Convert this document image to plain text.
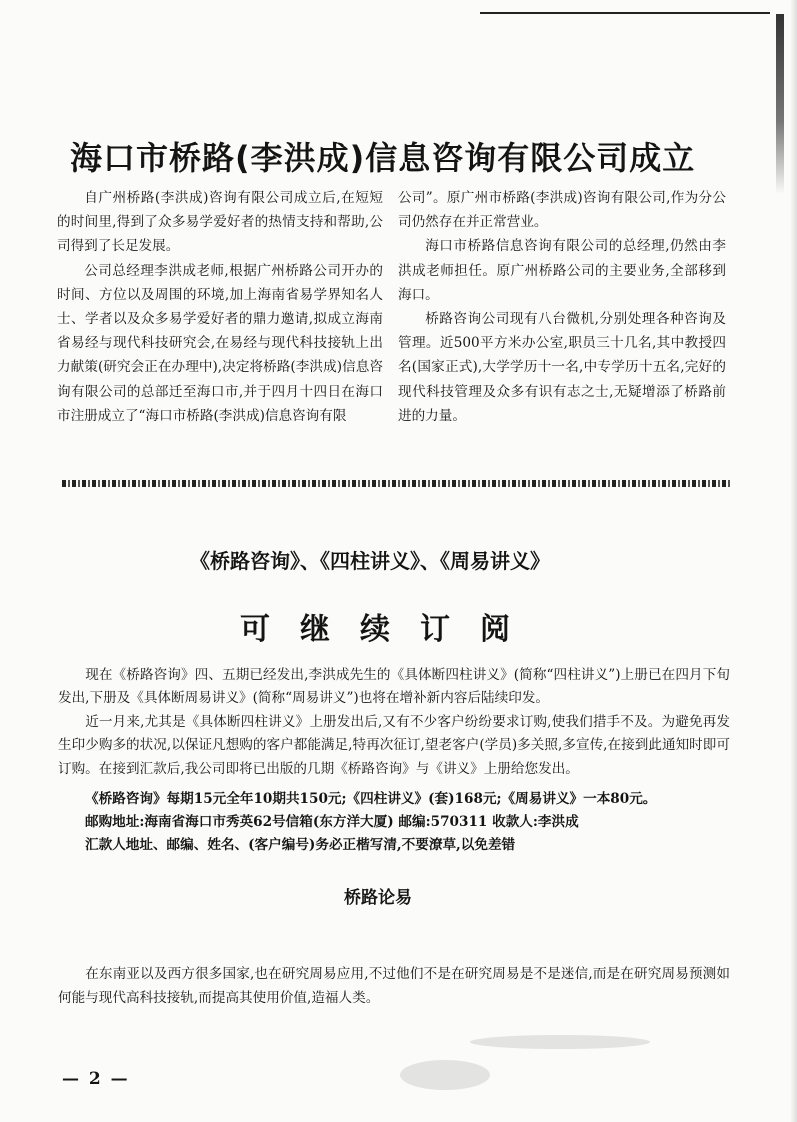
海口市桥路(李洪成)信息咨询有限公司成立

自广州桥路(李洪成)咨询有限公司成立后,在短短的时间里,得到了众多易学爱好者的热情支持和帮助,公司得到了长足发展。

公司总经理李洪成老师,根据广州桥路公司开办的时间、方位以及周围的环境,加上海南省易学界知名人士、学者以及众多易学爱好者的鼎力邀请,拟成立海南省易经与现代科技研究会,在易经与现代科技接轨上出力献策(研究会正在办理中),决定将桥路(李洪成)信息咨询有限公司的总部迁至海口市,并于四月十四日在海口市注册成立了“海口市桥路(李洪成)信息咨询有限

公司”。原广州市桥路(李洪成)咨询有限公司,作为分公司仍然存在并正常营业。

海口市桥路信息咨询有限公司的总经理,仍然由李洪成老师担任。原广州桥路公司的主要业务,全部移到海口。

桥路咨询公司现有八台微机,分别处理各种咨询及管理。近500平方米办公室,职员三十几名,其中教授四名(国家正式),大学学历十一名,中专学历十五名,完好的现代科技管理及众多有识有志之士,无疑增添了桥路前进的力量。

《桥路咨询》、《四柱讲义》、《周易讲义》
可继续订阅

现在《桥路咨询》四、五期已经发出,李洪成先生的《具体断四柱讲义》(简称“四柱讲义”)上册已在四月下旬发出,下册及《具体断周易讲义》(简称“周易讲义”)也将在增补新内容后陆续印发。

近一月来,尤其是《具体断四柱讲义》上册发出后,又有不少客户纷纷要求订购,使我们措手不及。为避免再发生印少购多的状况,以保证凡想购的客户都能满足,特再次征订,望老客户(学员)多关照,多宣传,在接到此通知时即可订购。在接到汇款后,我公司即将已出版的几期《桥路咨询》与《讲义》上册给您发出。

《桥路咨询》每期15元全年10期共150元;《四柱讲义》(套)168元;《周易讲义》一本80元。
邮购地址:海南省海口市秀英62号信箱(东方洋大厦) 邮编:570311 收款人:李洪成
汇款人地址、邮编、姓名、(客户编号)务必正楷写清,不要潦草,以免差错
桥路论易

在东南亚以及西方很多国家,也在研究周易应用,不过他们不是在研究周易是不是迷信,而是在研究周易预测如何能与现代高科技接轨,而提高其使用价值,造福人类。

— 2 —
